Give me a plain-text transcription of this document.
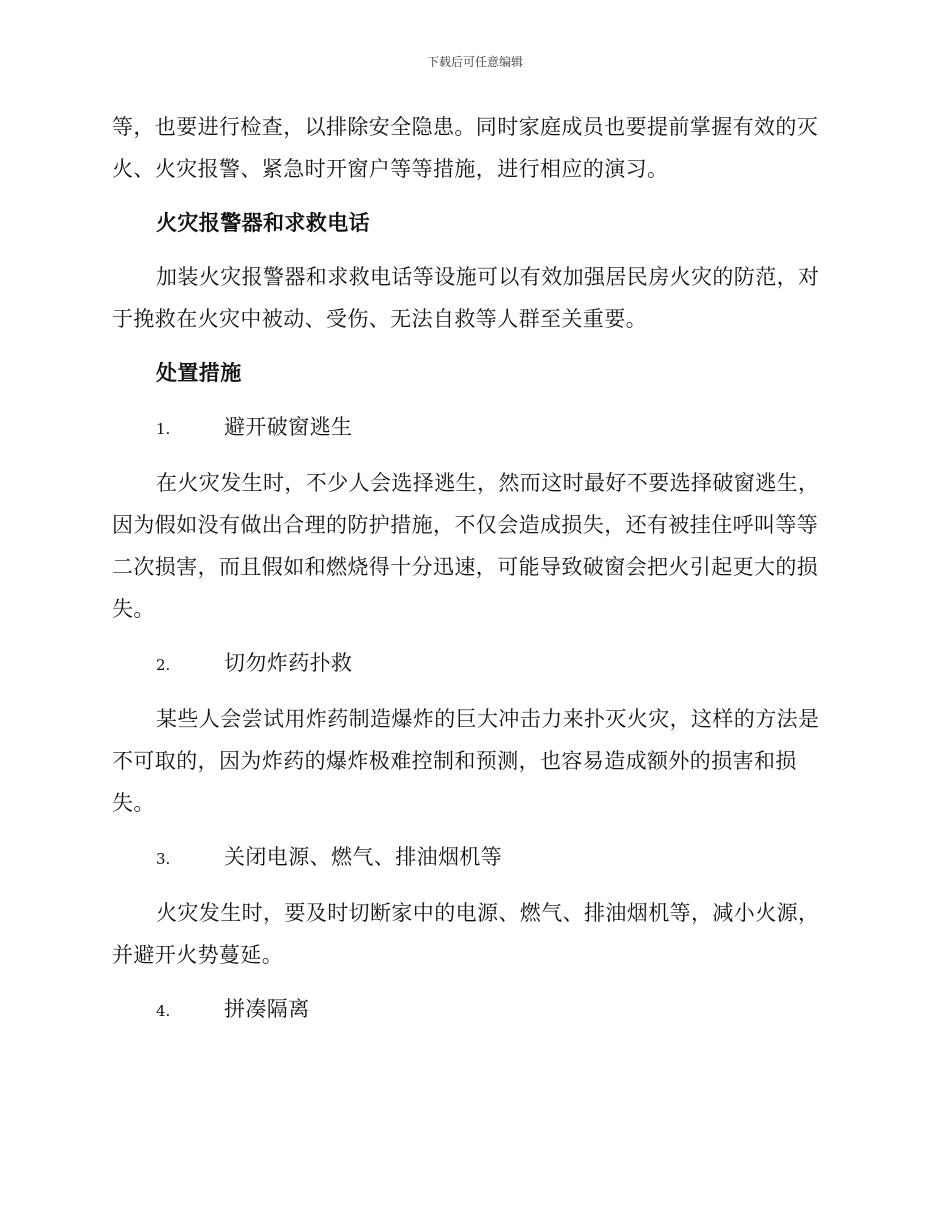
下载后可任意编辑

等，也要进行检查，以排除安全隐患。同时家庭成员也要提前掌握有效的灭火、火灾报警、紧急时开窗户等等措施，进行相应的演习。

火灾报警器和求救电话

加装火灾报警器和求救电话等设施可以有效加强居民房火灾的防范，对于挽救在火灾中被动、受伤、无法自救等人群至关重要。

处置措施
1.	避开破窗逃生

在火灾发生时，不少人会选择逃生，然而这时最好不要选择破窗逃生，因为假如没有做出合理的防护措施，不仅会造成损失，还有被挂住呼叫等等二次损害，而且假如和燃烧得十分迅速，可能导致破窗会把火引起更大的损失。

2.	切勿炸药扑救

某些人会尝试用炸药制造爆炸的巨大冲击力来扑灭火灾，这样的方法是不可取的，因为炸药的爆炸极难控制和预测，也容易造成额外的损害和损失。

3.	关闭电源、燃气、排油烟机等

火灾发生时，要及时切断家中的电源、燃气、排油烟机等，减小火源，并避开火势蔓延。

4.	拼凑隔离
